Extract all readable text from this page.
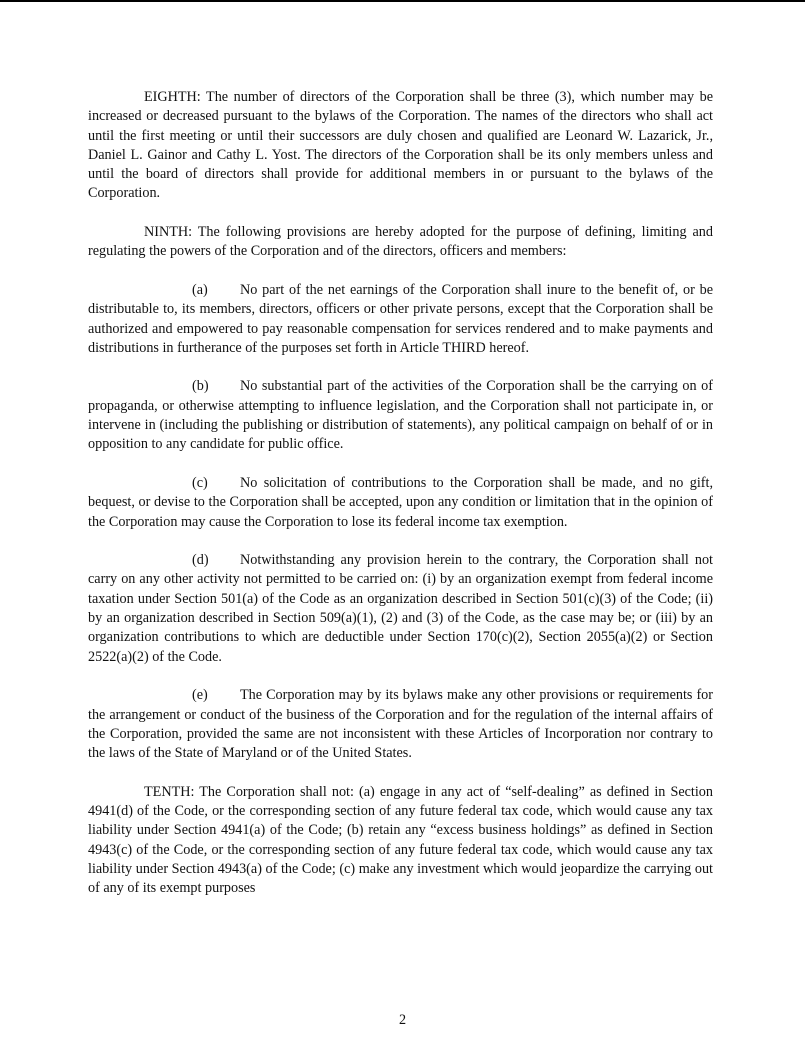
EIGHTH: The number of directors of the Corporation shall be three (3), which number may be increased or decreased pursuant to the bylaws of the Corporation. The names of the directors who shall act until the first meeting or until their successors are duly chosen and qualified are Leonard W. Lazarick, Jr., Daniel L. Gainor and Cathy L. Yost. The directors of the Corporation shall be its only members unless and until the board of directors shall provide for additional members in or pursuant to the bylaws of the Corporation.

NINTH: The following provisions are hereby adopted for the purpose of defining, limiting and regulating the powers of the Corporation and of the directors, officers and members:

(a) No part of the net earnings of the Corporation shall inure to the benefit of, or be distributable to, its members, directors, officers or other private persons, except that the Corporation shall be authorized and empowered to pay reasonable compensation for services rendered and to make payments and distributions in furtherance of the purposes set forth in Article THIRD hereof.

(b) No substantial part of the activities of the Corporation shall be the carrying on of propaganda, or otherwise attempting to influence legislation, and the Corporation shall not participate in, or intervene in (including the publishing or distribution of statements), any political campaign on behalf of or in opposition to any candidate for public office.

(c) No solicitation of contributions to the Corporation shall be made, and no gift, bequest, or devise to the Corporation shall be accepted, upon any condition or limitation that in the opinion of the Corporation may cause the Corporation to lose its federal income tax exemption.

(d) Notwithstanding any provision herein to the contrary, the Corporation shall not carry on any other activity not permitted to be carried on: (i) by an organization exempt from federal income taxation under Section 501(a) of the Code as an organization described in Section 501(c)(3) of the Code; (ii) by an organization described in Section 509(a)(1), (2) and (3) of the Code, as the case may be; or (iii) by an organization contributions to which are deductible under Section 170(c)(2), Section 2055(a)(2) or Section 2522(a)(2) of the Code.

(e) The Corporation may by its bylaws make any other provisions or requirements for the arrangement or conduct of the business of the Corporation and for the regulation of the internal affairs of the Corporation, provided the same are not inconsistent with these Articles of Incorporation nor contrary to the laws of the State of Maryland or of the United States.

TENTH: The Corporation shall not: (a) engage in any act of “self-dealing” as defined in Section 4941(d) of the Code, or the corresponding section of any future federal tax code, which would cause any tax liability under Section 4941(a) of the Code; (b) retain any “excess business holdings” as defined in Section 4943(c) of the Code, or the corresponding section of any future federal tax code, which would cause any tax liability under Section 4943(a) of the Code; (c) make any investment which would jeopardize the carrying out of any of its exempt purposes

2
